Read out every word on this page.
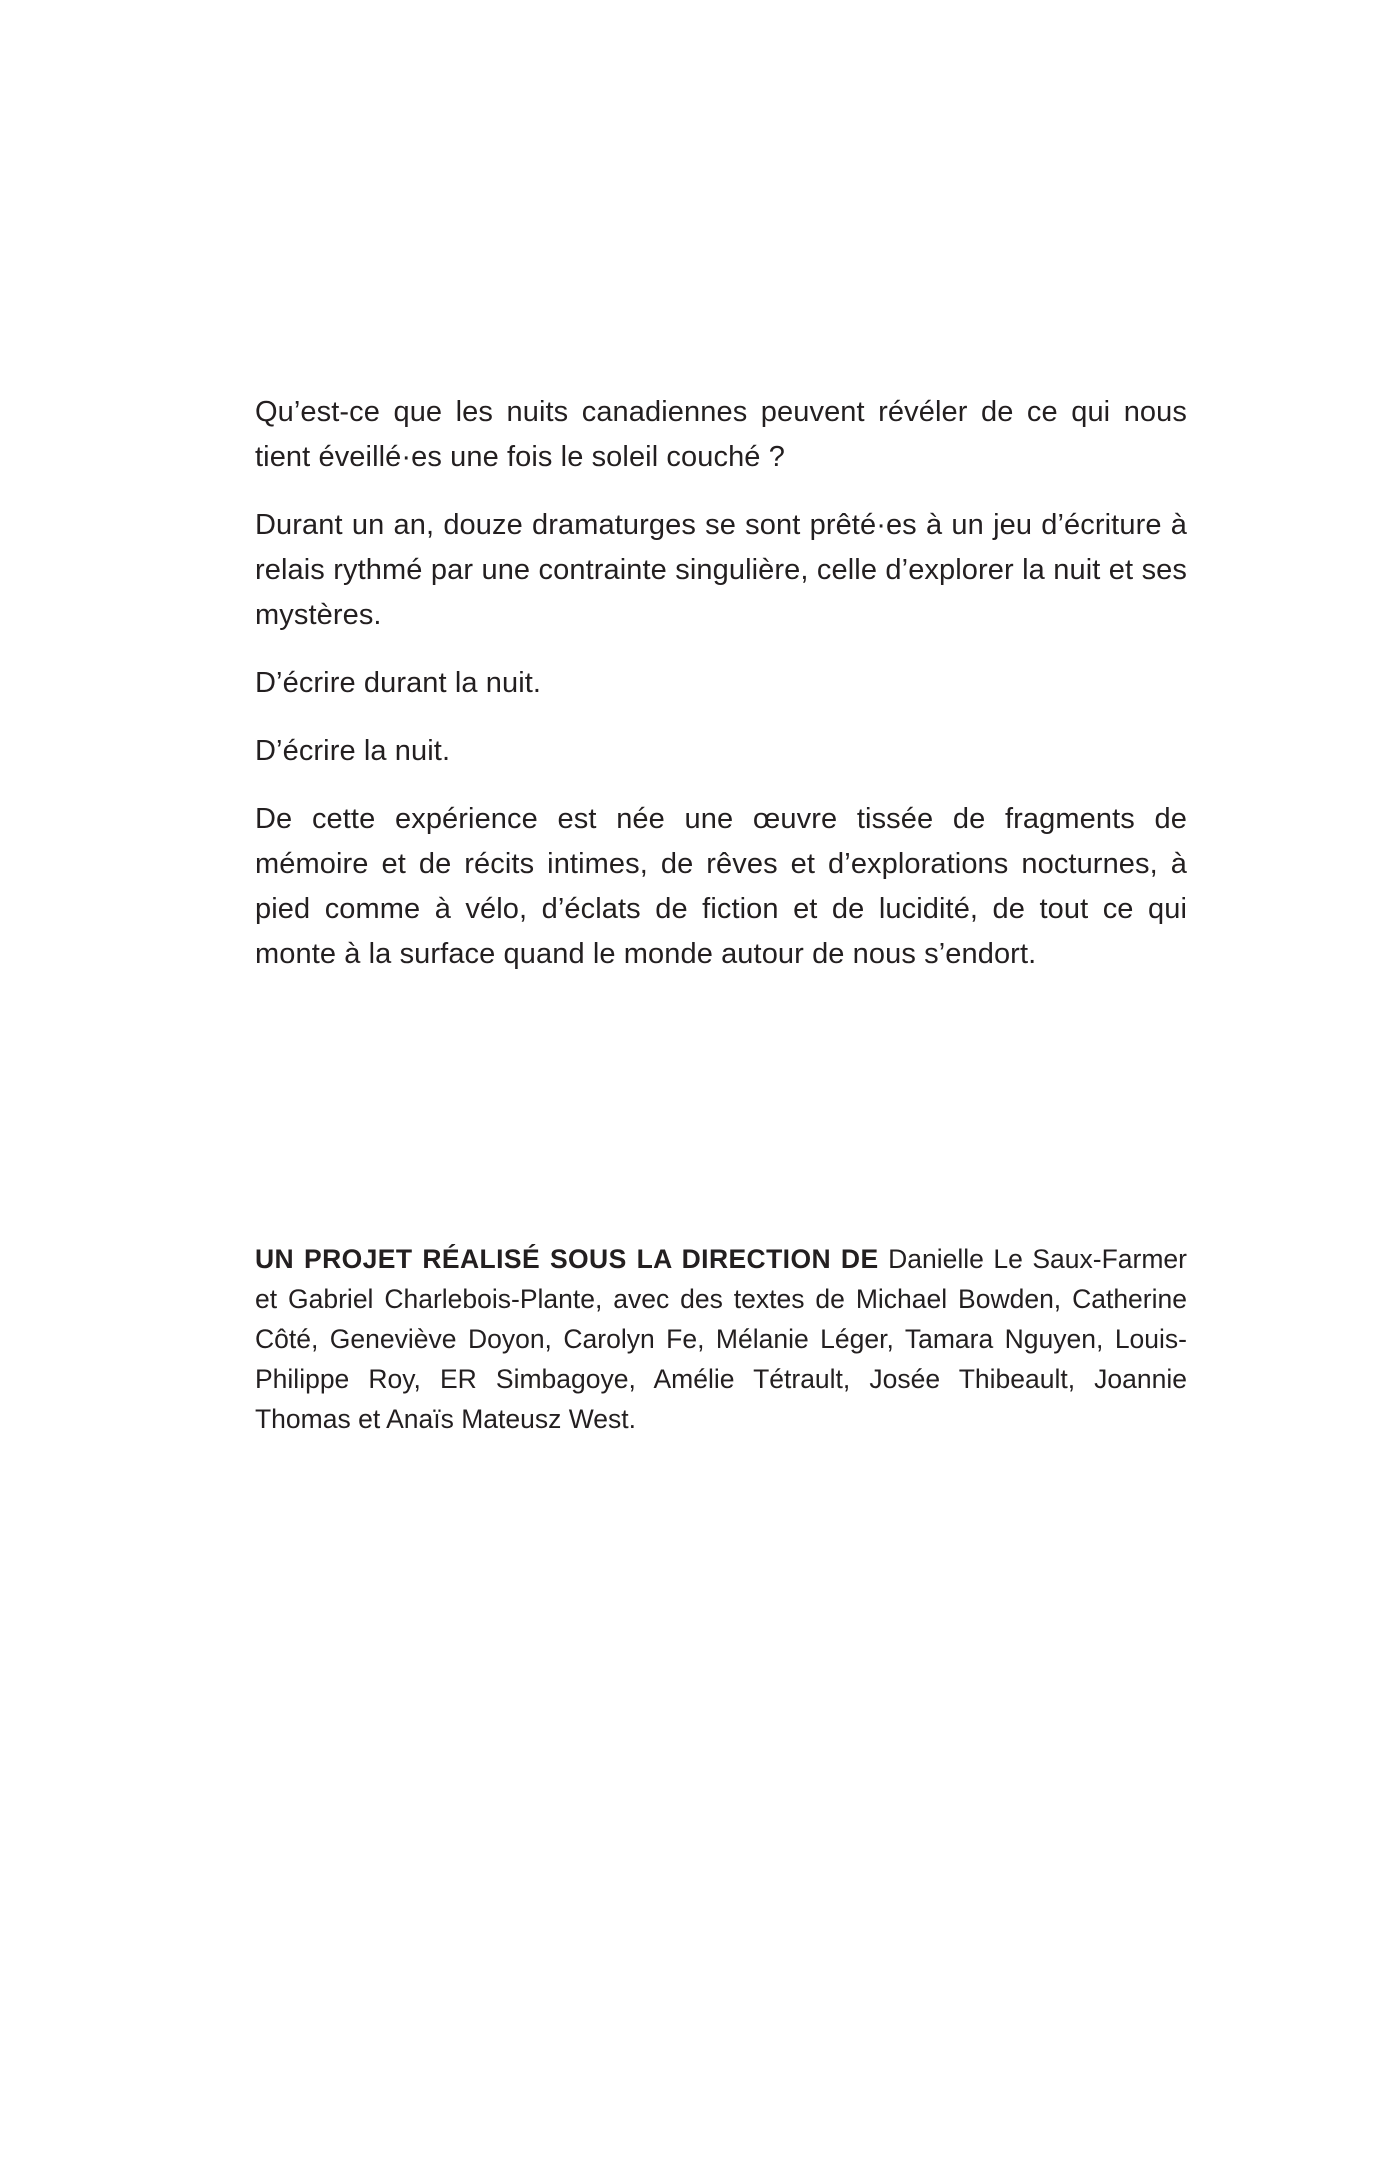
Qu’est-ce que les nuits canadiennes peuvent révéler de ce qui nous tient éveillé·es une fois le soleil couché ?

Durant un an, douze dramaturges se sont prêté·es à un jeu d’écriture à relais rythmé par une contrainte singulière, celle d’explorer la nuit et ses mystères.

D’écrire durant la nuit.

D’écrire la nuit.

De cette expérience est née une œuvre tissée de fragments de mémoire et de récits intimes, de rêves et d’explorations nocturnes, à pied comme à vélo, d’éclats de fiction et de lucidité, de tout ce qui monte à la surface quand le monde autour de nous s’endort.

UN PROJET RÉALISÉ SOUS LA DIRECTION DE Danielle Le Saux-Farmer et Gabriel Charlebois-Plante, avec des textes de Michael Bowden, Catherine Côté, Geneviève Doyon, Carolyn Fe, Mélanie Léger, Tamara Nguyen, Louis-Philippe Roy, ER Simbagoye, Amélie Tétrault, Josée Thibeault, Joannie Thomas et Anaïs Mateusz West.
